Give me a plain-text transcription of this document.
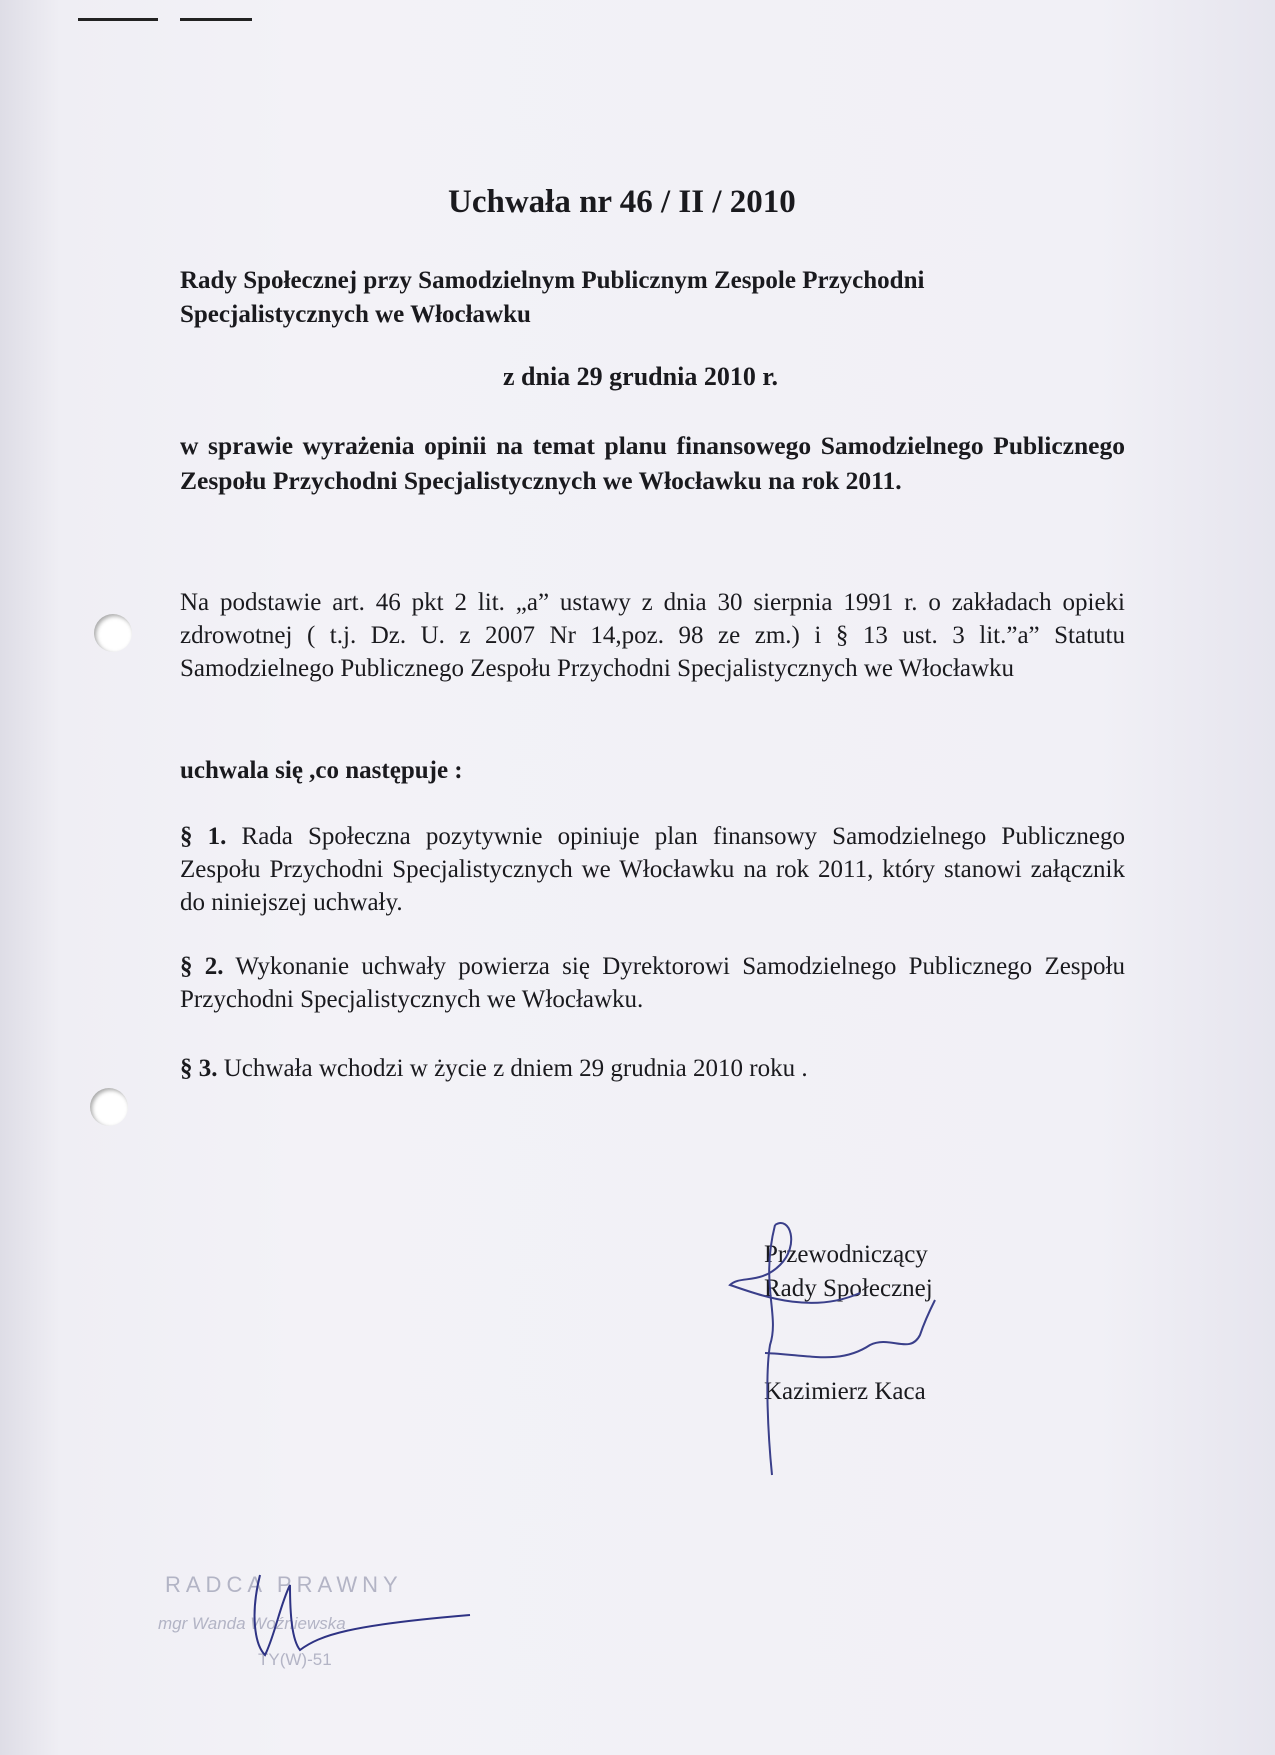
Uchwała nr 46 / II / 2010

Rady Społecznej przy Samodzielnym Publicznym Zespole Przychodni

Specjalistycznych we Włocławku

z dnia 29 grudnia 2010 r.

w sprawie wyrażenia opinii na temat planu finansowego Samodzielnego Publicznego Zespołu Przychodni Specjalistycznych we Włocławku na rok 2011.

Na podstawie art. 46 pkt 2 lit. „a” ustawy z dnia 30 sierpnia 1991 r. o zakładach opieki zdrowotnej ( t.j. Dz. U. z 2007 Nr 14,poz. 98 ze zm.) i § 13 ust. 3 lit.”a” Statutu Samodzielnego Publicznego Zespołu Przychodni Specjalistycznych we Włocławku

uchwala się ,co następuje :

§ 1. Rada Społeczna pozytywnie opiniuje plan finansowy Samodzielnego Publicznego Zespołu Przychodni Specjalistycznych we Włocławku na rok 2011, który stanowi załącznik do niniejszej uchwały.

§ 2. Wykonanie uchwały powierza się Dyrektorowi Samodzielnego Publicznego Zespołu Przychodni Specjalistycznych we Włocławku.

§ 3. Uchwała wchodzi w życie z dniem 29 grudnia 2010 roku .

Przewodniczący
Rady Społecznej
Kazimierz Kaca
RADCA PRAWNY
mgr Wanda Woźniewska
TY(W)-51
